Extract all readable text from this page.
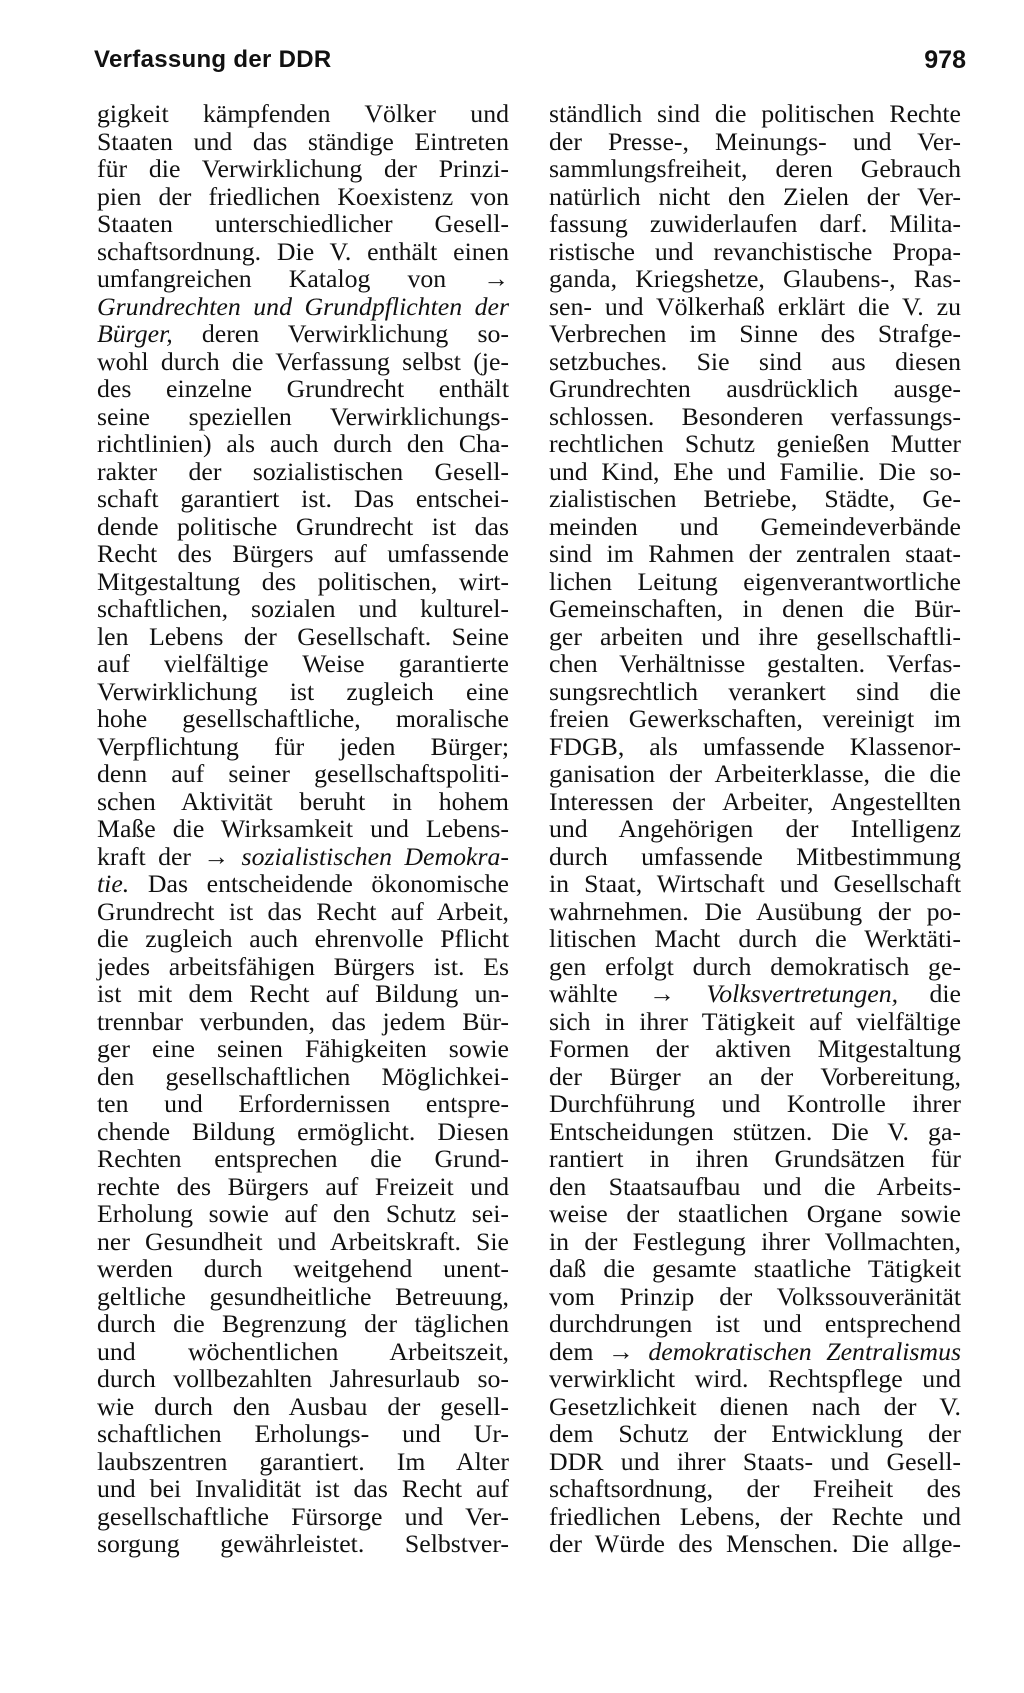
Verfassung der DDR	978
gigkeit kämpfenden Völker und
Staaten und das ständige Eintreten
für die Verwirklichung der Prinzi-
pien der friedlichen Koexistenz von
Staaten unterschiedlicher Gesell-
schaftsordnung. Die V. enthält einen
umfangreichen Katalog von →
Grundrechten und Grundpflichten der
Bürger, deren Verwirklichung so-
wohl durch die Verfassung selbst (je-
des einzelne Grundrecht enthält
seine speziellen Verwirklichungs-
richtlinien) als auch durch den Cha-
rakter der sozialistischen Gesell-
schaft garantiert ist. Das entschei-
dende politische Grundrecht ist das
Recht des Bürgers auf umfassende
Mitgestaltung des politischen, wirt-
schaftlichen, sozialen und kulturel-
len Lebens der Gesellschaft. Seine
auf vielfältige Weise garantierte
Verwirklichung ist zugleich eine
hohe gesellschaftliche, moralische
Verpflichtung für jeden Bürger;
denn auf seiner gesellschaftspoliti-
schen Aktivität beruht in hohem
Maße die Wirksamkeit und Lebens-
kraft der → sozialistischen Demokra-
tie. Das entscheidende ökonomische
Grundrecht ist das Recht auf Arbeit,
die zugleich auch ehrenvolle Pflicht
jedes arbeitsfähigen Bürgers ist. Es
ist mit dem Recht auf Bildung un-
trennbar verbunden, das jedem Bür-
ger eine seinen Fähigkeiten sowie
den gesellschaftlichen Möglichkei-
ten und Erfordernissen entspre-
chende Bildung ermöglicht. Diesen
Rechten entsprechen die Grund-
rechte des Bürgers auf Freizeit und
Erholung sowie auf den Schutz sei-
ner Gesundheit und Arbeitskraft. Sie
werden durch weitgehend unent-
geltliche gesundheitliche Betreuung,
durch die Begrenzung der täglichen
und wöchentlichen Arbeitszeit,
durch vollbezahlten Jahresurlaub so-
wie durch den Ausbau der gesell-
schaftlichen Erholungs- und Ur-
laubszentren garantiert. Im Alter
und bei Invalidität ist das Recht auf
gesellschaftliche Fürsorge und Ver-
sorgung gewährleistet. Selbstver-
ständlich sind die politischen Rechte
der Presse-, Meinungs- und Ver-
sammlungsfreiheit, deren Gebrauch
natürlich nicht den Zielen der Ver-
fassung zuwiderlaufen darf. Milita-
ristische und revanchistische Propa-
ganda, Kriegshetze, Glaubens-, Ras-
sen- und Völkerhaß erklärt die V. zu
Verbrechen im Sinne des Strafge-
setzbuches. Sie sind aus diesen
Grundrechten ausdrücklich ausge-
schlossen. Besonderen verfassungs-
rechtlichen Schutz genießen Mutter
und Kind, Ehe und Familie. Die so-
zialistischen Betriebe, Städte, Ge-
meinden und Gemeindeverbände
sind im Rahmen der zentralen staat-
lichen Leitung eigenverantwortliche
Gemeinschaften, in denen die Bür-
ger arbeiten und ihre gesellschaftli-
chen Verhältnisse gestalten. Verfas-
sungsrechtlich verankert sind die
freien Gewerkschaften, vereinigt im
FDGB, als umfassende Klassenor-
ganisation der Arbeiterklasse, die die
Interessen der Arbeiter, Angestellten
und Angehörigen der Intelligenz
durch umfassende Mitbestimmung
in Staat, Wirtschaft und Gesellschaft
wahrnehmen. Die Ausübung der po-
litischen Macht durch die Werktäti-
gen erfolgt durch demokratisch ge-
wählte → Volksvertretungen, die
sich in ihrer Tätigkeit auf vielfältige
Formen der aktiven Mitgestaltung
der Bürger an der Vorbereitung,
Durchführung und Kontrolle ihrer
Entscheidungen stützen. Die V. ga-
rantiert in ihren Grundsätzen für
den Staatsaufbau und die Arbeits-
weise der staatlichen Organe sowie
in der Festlegung ihrer Vollmachten,
daß die gesamte staatliche Tätigkeit
vom Prinzip der Volkssouveränität
durchdrungen ist und entsprechend
dem → demokratischen Zentralismus
verwirklicht wird. Rechtspflege und
Gesetzlichkeit dienen nach der V.
dem Schutz der Entwicklung der
DDR und ihrer Staats- und Gesell-
schaftsordnung, der Freiheit des
friedlichen Lebens, der Rechte und
der Würde des Menschen. Die allge-
